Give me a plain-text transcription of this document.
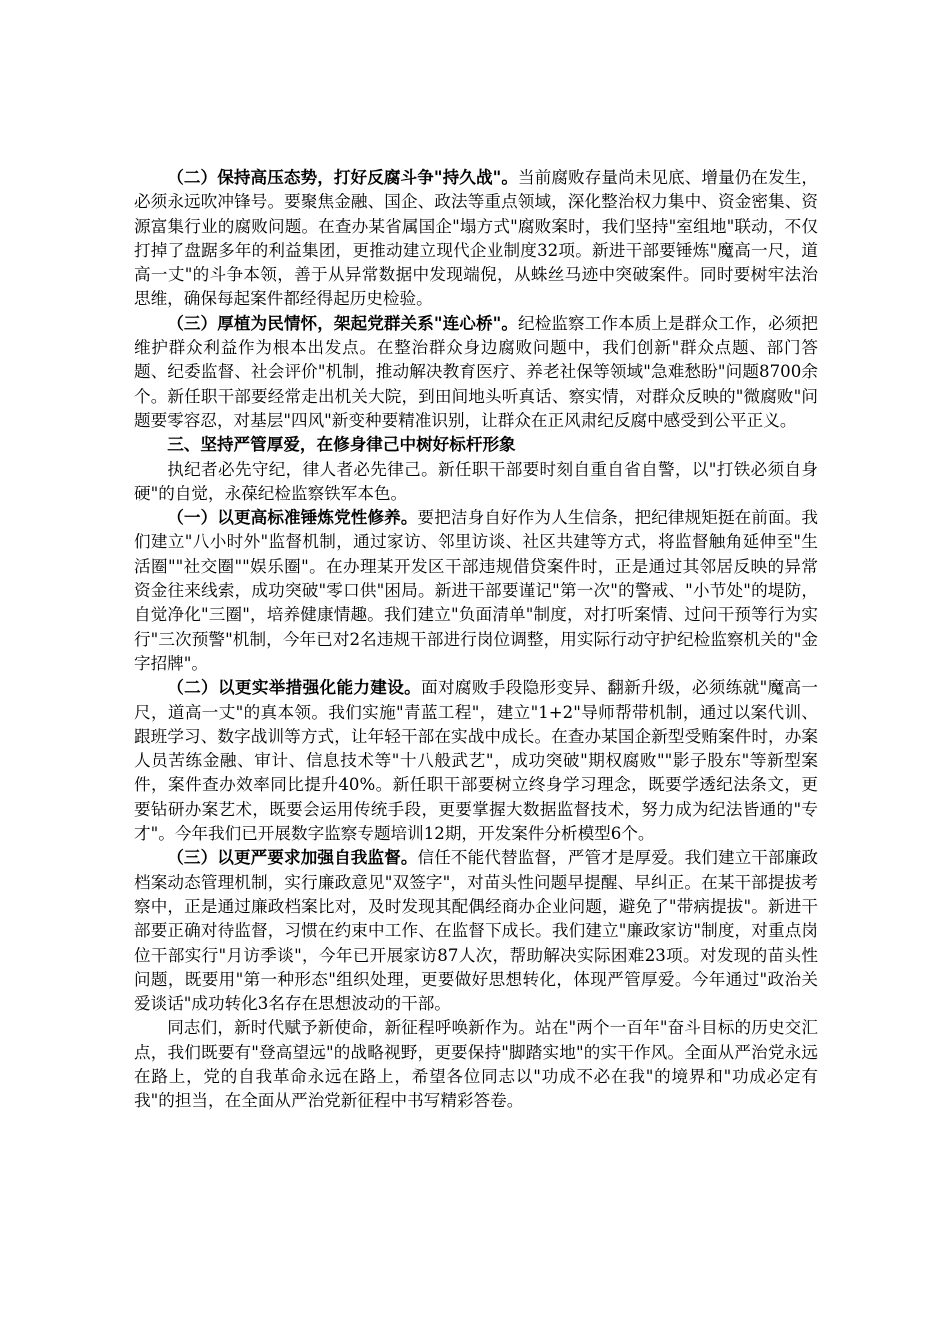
（二）保持高压态势，打好反腐斗争"持久战"。当前腐败存量尚未见底、增量仍在发生，必须永远吹冲锋号。要聚焦金融、国企、政法等重点领域，深化整治权力集中、资金密集、资源富集行业的腐败问题。在查办某省属国企"塌方式"腐败案时，我们坚持"室组地"联动，不仅打掉了盘踞多年的利益集团，更推动建立现代企业制度32项。新进干部要锤炼"魔高一尺，道高一丈"的斗争本领，善于从异常数据中发现端倪，从蛛丝马迹中突破案件。同时要树牢法治思维，确保每起案件都经得起历史检验。

（三）厚植为民情怀，架起党群关系"连心桥"。纪检监察工作本质上是群众工作，必须把维护群众利益作为根本出发点。在整治群众身边腐败问题中，我们创新"群众点题、部门答题、纪委监督、社会评价"机制，推动解决教育医疗、养老社保等领域"急难愁盼"问题8700余个。新任职干部要经常走出机关大院，到田间地头听真话、察实情，对群众反映的"微腐败"问题要零容忍，对基层"四风"新变种要精准识别，让群众在正风肃纪反腐中感受到公平正义。

三、坚持严管厚爱，在修身律己中树好标杆形象

执纪者必先守纪，律人者必先律己。新任职干部要时刻自重自省自警，以"打铁必须自身硬"的自觉，永葆纪检监察铁军本色。

（一）以更高标准锤炼党性修养。要把洁身自好作为人生信条，把纪律规矩挺在前面。我们建立"八小时外"监督机制，通过家访、邻里访谈、社区共建等方式，将监督触角延伸至"生活圈""社交圈""娱乐圈"。在办理某开发区干部违规借贷案件时，正是通过其邻居反映的异常资金往来线索，成功突破"零口供"困局。新进干部要谨记"第一次"的警戒、"小节处"的堤防，自觉净化"三圈"，培养健康情趣。我们建立"负面清单"制度，对打听案情、过问干预等行为实行"三次预警"机制，今年已对2名违规干部进行岗位调整，用实际行动守护纪检监察机关的"金字招牌"。

（二）以更实举措强化能力建设。面对腐败手段隐形变异、翻新升级，必须练就"魔高一尺，道高一丈"的真本领。我们实施"青蓝工程"，建立"1+2"导师帮带机制，通过以案代训、跟班学习、数字战训等方式，让年轻干部在实战中成长。在查办某国企新型受贿案件时，办案人员苦练金融、审计、信息技术等"十八般武艺"，成功突破"期权腐败""影子股东"等新型案件，案件查办效率同比提升40%。新任职干部要树立终身学习理念，既要学透纪法条文，更要钻研办案艺术，既要会运用传统手段，更要掌握大数据监督技术，努力成为纪法皆通的"专才"。今年我们已开展数字监察专题培训12期，开发案件分析模型6个。

（三）以更严要求加强自我监督。信任不能代替监督，严管才是厚爱。我们建立干部廉政档案动态管理机制，实行廉政意见"双签字"，对苗头性问题早提醒、早纠正。在某干部提拔考察中，正是通过廉政档案比对，及时发现其配偶经商办企业问题，避免了"带病提拔"。新进干部要正确对待监督，习惯在约束中工作、在监督下成长。我们建立"廉政家访"制度，对重点岗位干部实行"月访季谈"，今年已开展家访87人次，帮助解决实际困难23项。对发现的苗头性问题，既要用"第一种形态"组织处理，更要做好思想转化，体现严管厚爱。今年通过"政治关爱谈话"成功转化3名存在思想波动的干部。

同志们，新时代赋予新使命，新征程呼唤新作为。站在"两个一百年"奋斗目标的历史交汇点，我们既要有"登高望远"的战略视野，更要保持"脚踏实地"的实干作风。全面从严治党永远在路上，党的自我革命永远在路上，希望各位同志以"功成不必在我"的境界和"功成必定有我"的担当，在全面从严治党新征程中书写精彩答卷。
